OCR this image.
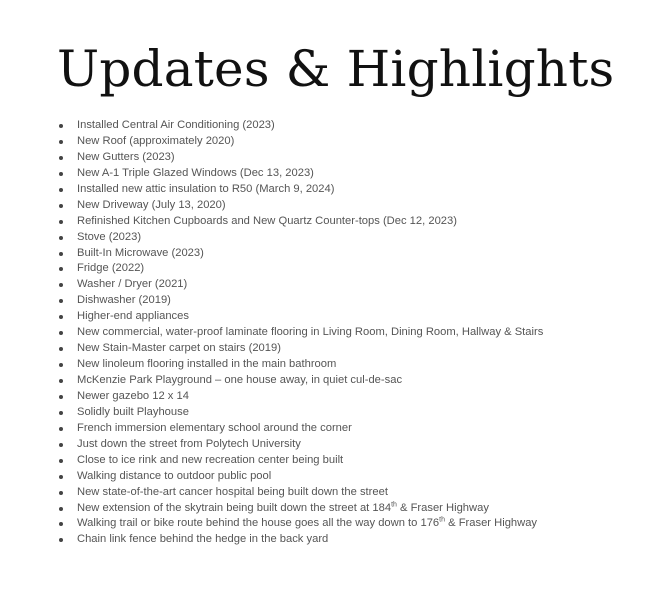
Updates & Highlights
Installed Central Air Conditioning (2023)
New Roof (approximately 2020)
New Gutters (2023)
New A-1 Triple Glazed Windows (Dec 13, 2023)
Installed new attic insulation to R50 (March 9, 2024)
New Driveway (July 13, 2020)
Refinished Kitchen Cupboards and New Quartz Counter-tops (Dec 12, 2023)
Stove (2023)
Built-In Microwave (2023)
Fridge (2022)
Washer / Dryer (2021)
Dishwasher (2019)
Higher-end appliances
New commercial, water-proof laminate flooring in Living Room, Dining Room, Hallway & Stairs
New Stain-Master carpet on stairs (2019)
New linoleum flooring installed in the main bathroom
McKenzie Park Playground – one house away, in quiet cul-de-sac
Newer gazebo 12 x 14
Solidly built Playhouse
French immersion elementary school around the corner
Just down the street from Polytech University
Close to ice rink and new recreation center being built
Walking distance to outdoor public pool
New state-of-the-art cancer hospital being built down the street
New extension of the skytrain being built down the street at 184th & Fraser Highway
Walking trail or bike route behind the house goes all the way down to 176th & Fraser Highway
Chain link fence behind the hedge in the back yard
